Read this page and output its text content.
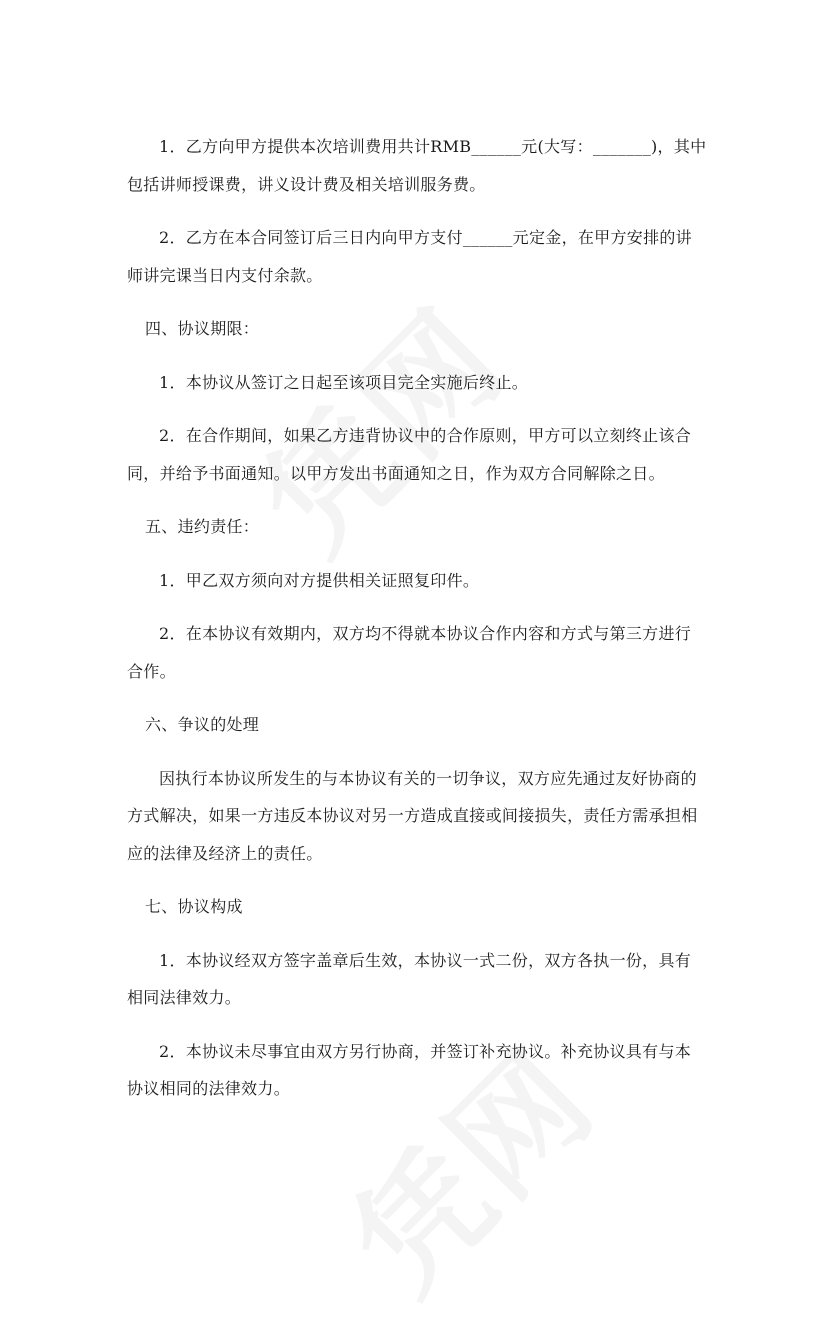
1．乙方向甲方提供本次培训费用共计RMB______元(大写：_______)，其中包括讲师授课费，讲义设计费及相关培训服务费。

2．乙方在本合同签订后三日内向甲方支付______元定金，在甲方安排的讲师讲完课当日内支付余款。

四、协议期限：

1．本协议从签订之日起至该项目完全实施后终止。

2．在合作期间，如果乙方违背协议中的合作原则，甲方可以立刻终止该合同，并给予书面通知。以甲方发出书面通知之日，作为双方合同解除之日。

五、违约责任：

1．甲乙双方须向对方提供相关证照复印件。

2．在本协议有效期内，双方均不得就本协议合作内容和方式与第三方进行合作。

六、争议的处理

因执行本协议所发生的与本协议有关的一切争议，双方应先通过友好协商的方式解决，如果一方违反本协议对另一方造成直接或间接损失，责任方需承担相应的法律及经济上的责任。

七、协议构成

1．本协议经双方签字盖章后生效，本协议一式二份，双方各执一份，具有相同法律效力。

2．本协议未尽事宜由双方另行协商，并签订补充协议。补充协议具有与本协议相同的法律效力。
